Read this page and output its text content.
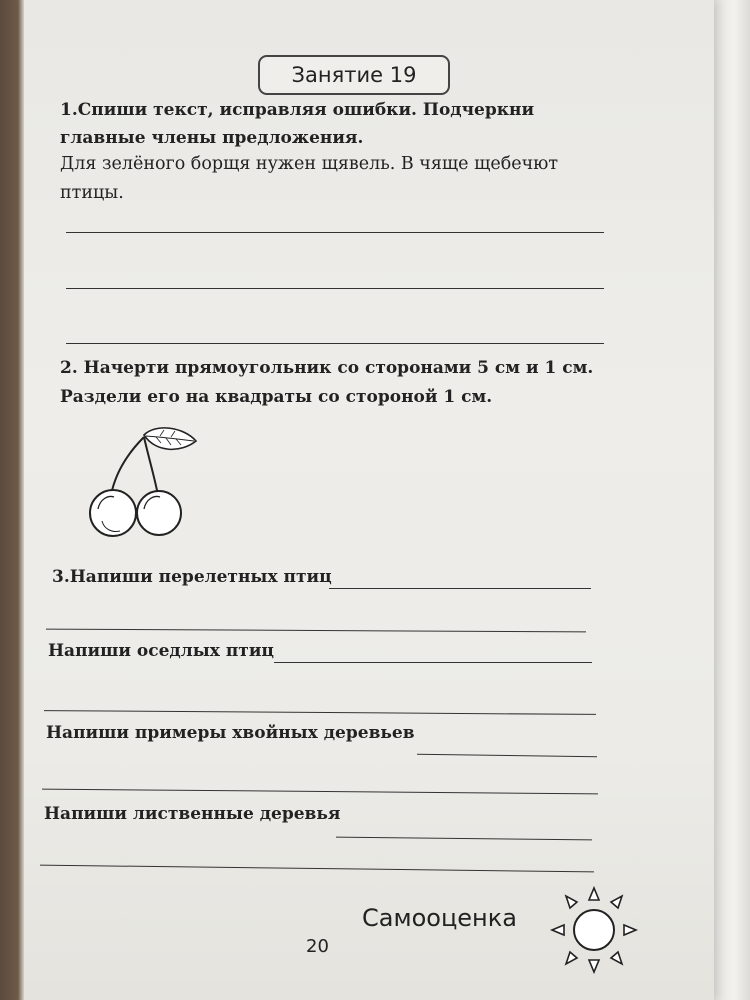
Занятие 19
1.Спиши текст, исправляя ошибки. Подчеркни
главные члены предложения.
Для зелёного борщя нужен щявель. В чяще щебечют
птицы.
2. Начерти прямоугольник со сторонами 5 см и 1 см.
Раздели его на квадраты со стороной 1 см.
3.Напиши перелетных птиц
Напиши оседлых птиц
Напиши примеры хвойных деревьев
Напиши лиственные деревья
Самооценка
20
